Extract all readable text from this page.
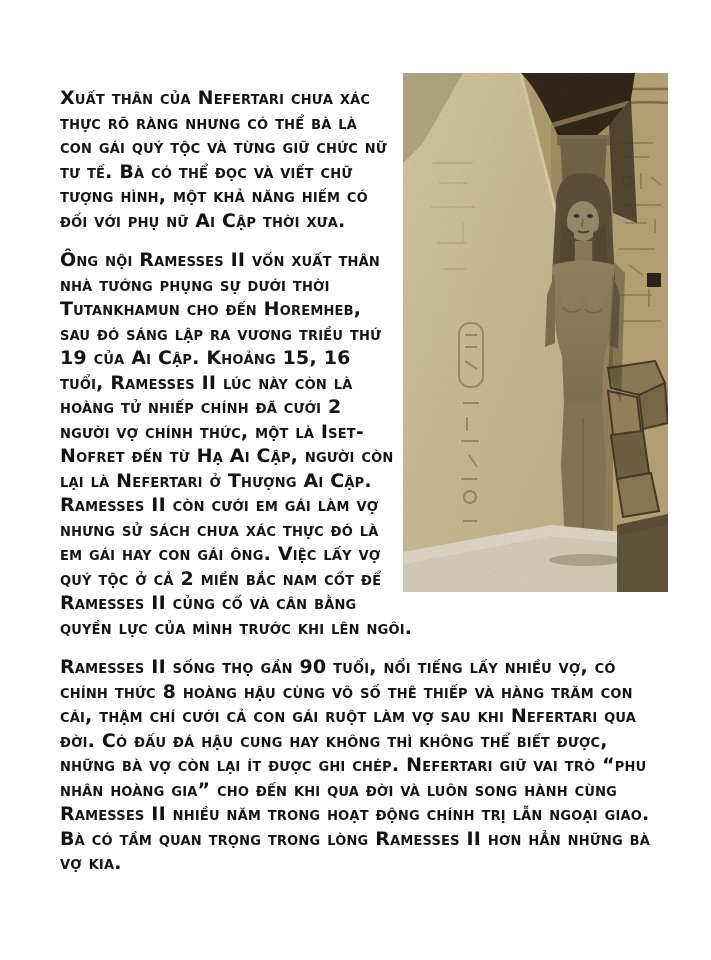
Xuất thân của Nefertari chưa xác thực rõ ràng nhưng có thể bà là con gái quý tộc và từng giữ chức nữ tư tế. Bà có thể đọc và viết chữ tượng hình, một khả năng hiếm có đối với phụ nữ Ai Cập thời xưa.

Ông nội Ramesses II vốn xuất thân nhà tướng phụng sự dưới thời Tutankhamun cho đến Horemheb, sau đó sáng lập ra vương triều thứ 19 của Ai Cập. Khoảng 15, 16 tuổi, Ramesses II lúc này còn là hoàng tử nhiếp chính đã cưới 2 người vợ chính thức, một là Iset-Nofret đến từ Hạ Ai Cập, người còn lại là Nefertari ở Thượng Ai Cập. Ramesses II còn cưới em gái làm vợ nhưng sử sách chưa xác thực đó là em gái hay con gái ông. Việc lấy vợ quý tộc ở cả 2 miền bắc nam cốt để Ramesses II củng cố và cân bằng quyền lực của mình trước khi lên ngôi.

Ramesses II sống thọ gần 90 tuổi, nổi tiếng lấy nhiều vợ, có chính thức 8 hoàng hậu cùng vô số thê thiếp và hàng trăm con cái, thậm chí cưới cả con gái ruột làm vợ sau khi Nefertari qua đời. Có đấu đá hậu cung hay không thì không thể biết được, những bà vợ còn lại ít được ghi chép. Nefertari giữ vai trò “phu nhân hoàng gia” cho đến khi qua đời và luôn song hành cùng Ramesses II nhiều năm trong hoạt động chính trị lẫn ngoại giao. Bà có tầm quan trọng trong lòng Ramesses II hơn hẳn những bà vợ kia.
